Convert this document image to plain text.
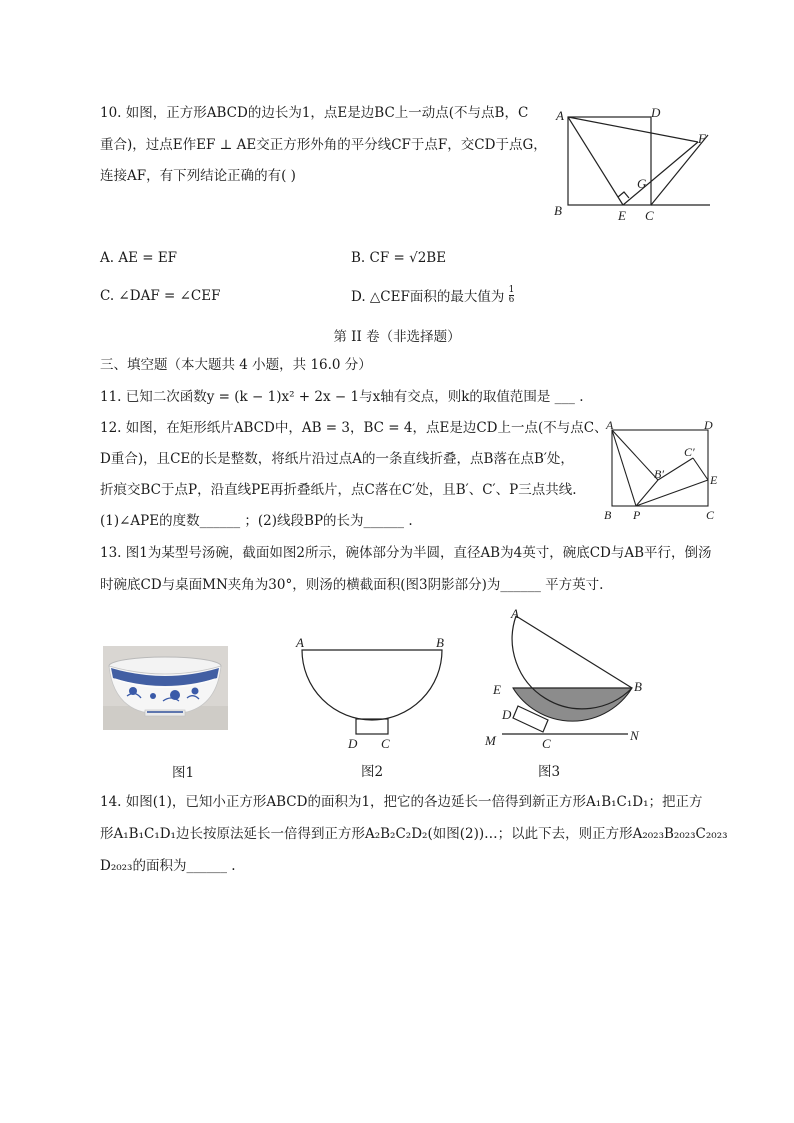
10. 如图，正方形ABCD的边长为1，点E是边BC上一动点(不与点B，C
重合)，过点E作EF ⊥ AE交正方形外角的平分线CF于点F，交CD于点G，
连接AF，有下列结论正确的有( )
A	D
F
G
B	E C
A. AE = EF	B. CF = √2BE
C. ∠DAF = ∠CEF	D. △CEF面积的最大值为 $\frac{1}{6}$
第 II 卷（非选择题）
三、填空题（本大题共 4 小题，共 16.0 分）
11. 已知二次函数y = (k − 1)x² + 2x − 1与x轴有交点，则k的取值范围是 ___ .
12. 如图，在矩形纸片ABCD中，AB = 3，BC = 4，点E是边CD上一点(不与点C、
D重合)，且CE的长是整数，将纸片沿过点A的一条直线折叠，点B落在点B′处，
折痕交BC于点P，沿直线PE再折叠纸片，点C落在C′处，且B′、C′、P三点共线.
(1)∠APE的度数______ ；(2)线段BP的长为______ .
A	D
C′
B′	E
B P	C
13. 图1为某型号汤碗，截面如图2所示，碗体部分为半圆，直径AB为4英寸，碗底CD与AB平行，倒汤
时碗底CD与桌面MN夹角为30°，则汤的横截面积(图3阴影部分)为______ 平方英寸.
A	B
D C
A
E	B
D
M	C
N
图1	图2	图3
14. 如图(1)，已知小正方形ABCD的面积为1，把它的各边延长一倍得到新正方形A₁B₁C₁D₁；把正方
形A₁B₁C₁D₁边长按原法延长一倍得到正方形A₂B₂C₂D₂(如图(2))…；以此下去，则正方形A₂₀₂₃B₂₀₂₃C₂₀₂₃
D₂₀₂₃的面积为______ .
